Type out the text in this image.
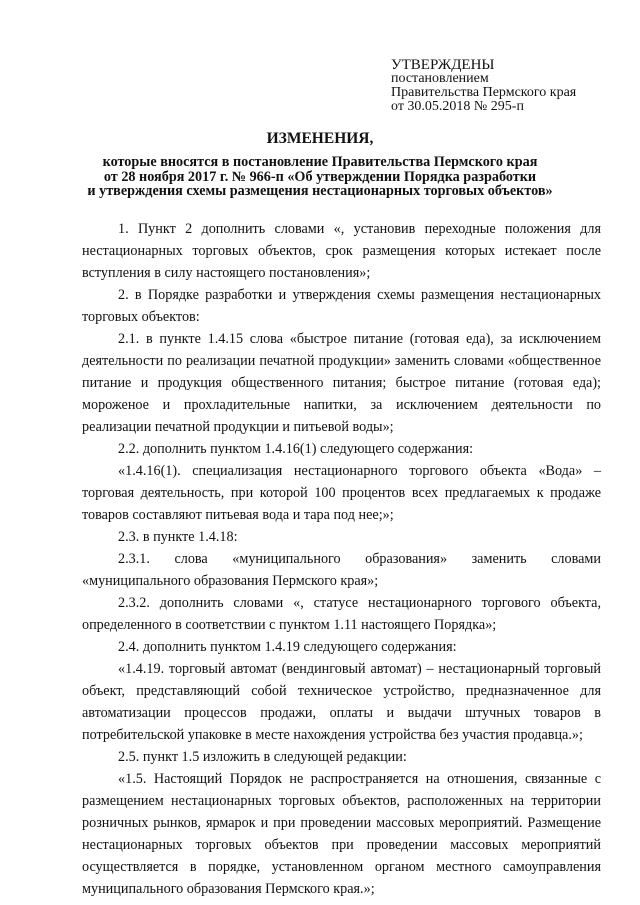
УТВЕРЖДЕНЫ
постановлением
Правительства Пермского края
от 30.05.2018 № 295-п
ИЗМЕНЕНИЯ,
которые вносятся в постановление Правительства Пермского края
от 28 ноября 2017 г. № 966-п «Об утверждении Порядка разработки
и утверждения схемы размещения нестационарных торговых объектов»

1. Пункт 2 дополнить словами «, установив переходные положения для нестационарных торговых объектов, срок размещения которых истекает после вступления в силу настоящего постановления»;

2. в Порядке разработки и утверждения схемы размещения нестационарных торговых объектов:

2.1. в пункте 1.4.15 слова «быстрое питание (готовая еда), за исключением деятельности по реализации печатной продукции» заменить словами «общественное питание и продукция общественного питания; быстрое питание (готовая еда); мороженое и прохладительные напитки, за исключением деятельности по реализации печатной продукции и питьевой воды»;

2.2. дополнить пунктом 1.4.16(1) следующего содержания:

«1.4.16(1). специализация нестационарного торгового объекта «Вода» – торговая деятельность, при которой 100 процентов всех предлагаемых к продаже товаров составляют питьевая вода и тара под нее;»;

2.3. в пункте 1.4.18:

2.3.1. слова «муниципального образования» заменить словами «муниципального образования Пермского края»;

2.3.2. дополнить словами «, статусе нестационарного торгового объекта, определенного в соответствии с пунктом 1.11 настоящего Порядка»;

2.4. дополнить пунктом 1.4.19 следующего содержания:

«1.4.19. торговый автомат (вендинговый автомат) – нестационарный торговый объект, представляющий собой техническое устройство, предназначенное для автоматизации процессов продажи, оплаты и выдачи штучных товаров в потребительской упаковке в месте нахождения устройства без участия продавца.»;

2.5. пункт 1.5 изложить в следующей редакции:

«1.5. Настоящий Порядок не распространяется на отношения, связанные с размещением нестационарных торговых объектов, расположенных на территории розничных рынков, ярмарок и при проведении массовых мероприятий. Размещение нестационарных торговых объектов при проведении массовых мероприятий осуществляется в порядке, установленном органом местного самоуправления муниципального образования Пермского края.»;
